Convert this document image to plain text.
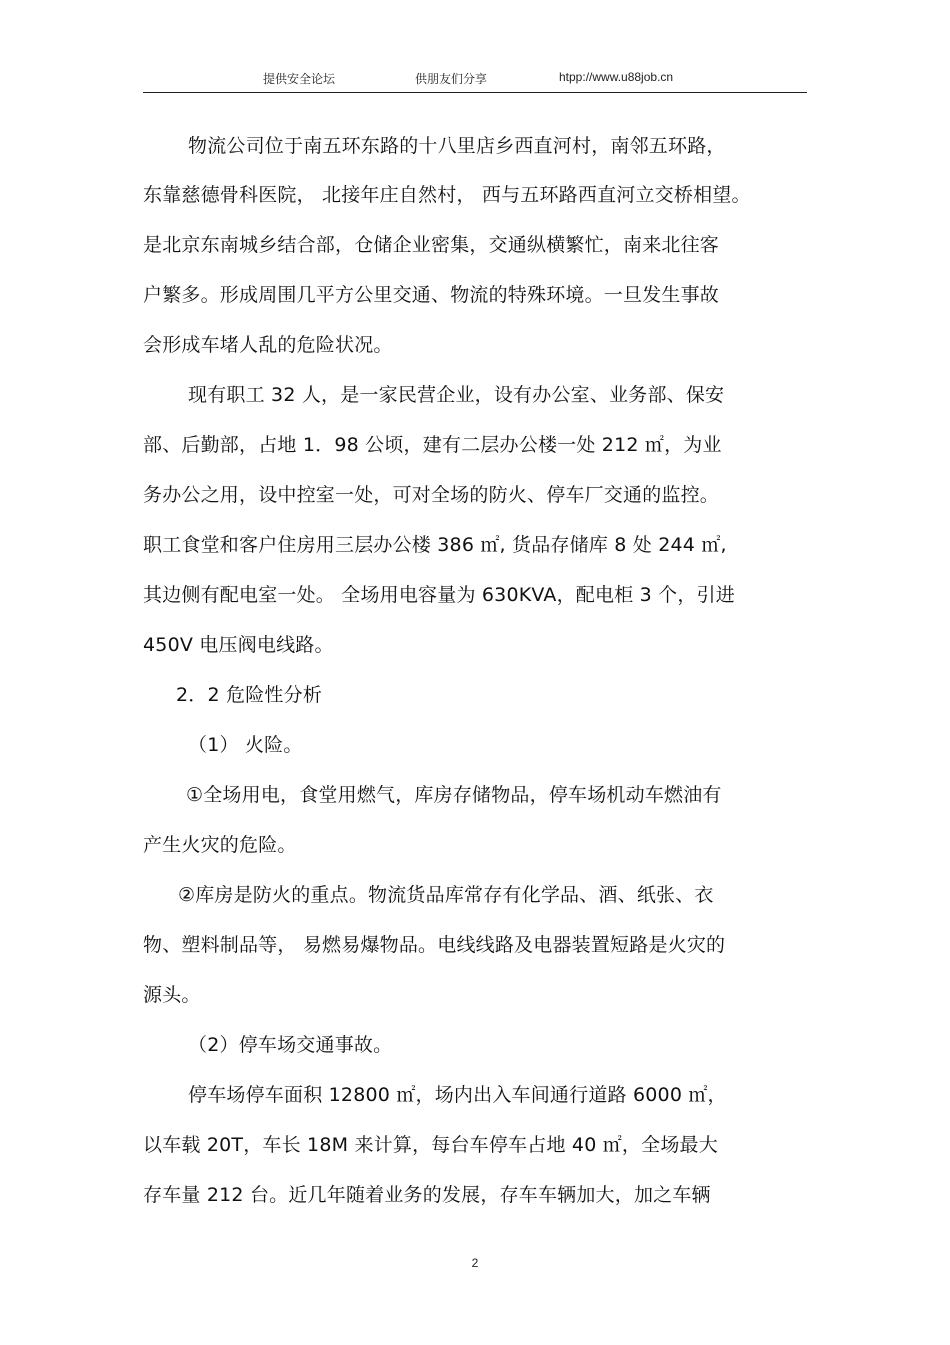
提供安全论坛	供朋友们分享	htpp://www.u88job.cn
物流公司位于南五环东路的十八里店乡西直河村，南邻五环路，
东靠慈德骨科医院， 北接年庄自然村， 西与五环路西直河立交桥相望。
是北京东南城乡结合部，仓储企业密集，交通纵横繁忙，南来北往客
户繁多。形成周围几平方公里交通、物流的特殊环境。一旦发生事故
会形成车堵人乱的危险状况。
现有职工 32 人，是一家民营企业，设有办公室、业务部、保安
部、后勤部，占地 1．98 公顷，建有二层办公楼一处 212 ㎡，为业
务办公之用，设中控室一处，可对全场的防火、停车厂交通的监控。
职工食堂和客户住房用三层办公楼 386 ㎡, 货品存储库 8 处 244 ㎡,
其边侧有配电室一处。 全场用电容量为 630KVA，配电柜 3 个，引进
450V 电压阀电线路。
2．2 危险性分析
（1） 火险。
①全场用电，食堂用燃气，库房存储物品，停车场机动车燃油有
产生火灾的危险。
②库房是防火的重点。物流货品库常存有化学品、酒、纸张、衣
物、塑料制品等， 易燃易爆物品。电线线路及电器装置短路是火灾的
源头。
（2）停车场交通事故。
停车场停车面积 12800 ㎡，场内出入车间通行道路 6000 ㎡，
以车载 20T，车长 18M 来计算，每台车停车占地 40 ㎡，全场最大
存车量 212 台。近几年随着业务的发展，存车车辆加大，加之车辆
2
